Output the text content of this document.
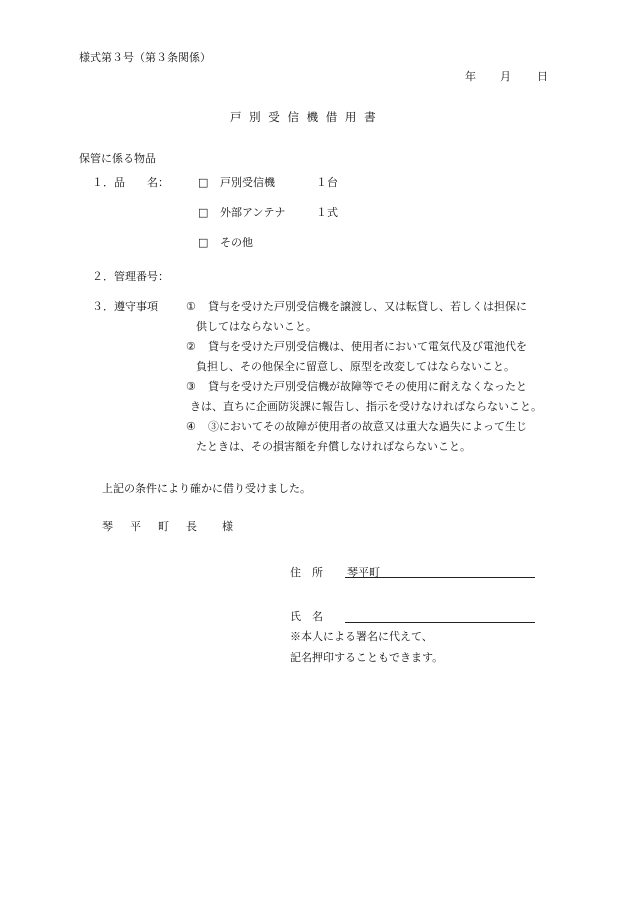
様式第３号（第３条関係）
年 月 日
戸 別 受 信 機 借 用 書
保管に係る物品
１．品　　名：	□ 戸別受信機	１台
□ 外部アンテナ	１式
□ その他
２．管理番号：
３．遵守事項	① 貸与を受けた戸別受信機を譲渡し、又は転貸し、若しくは担保に
供してはならないこと。
② 貸与を受けた戸別受信機は、使用者において電気代及び電池代を
負担し、その他保全に留意し、原型を改変してはならないこと。
③ 貸与を受けた戸別受信機が故障等でその使用に耐えなくなったと
きは、直ちに企画防災課に報告し、指示を受けなければならないこと。
④ ③においてその故障が使用者の故意又は重大な過失によって生じ
たときは、その損害額を弁償しなければならないこと。
上記の条件により確かに借り受けました。
琴　平　町　長 様
住　所 琴平町
氏　名
※本人による署名に代えて、
記名押印することもできます。
